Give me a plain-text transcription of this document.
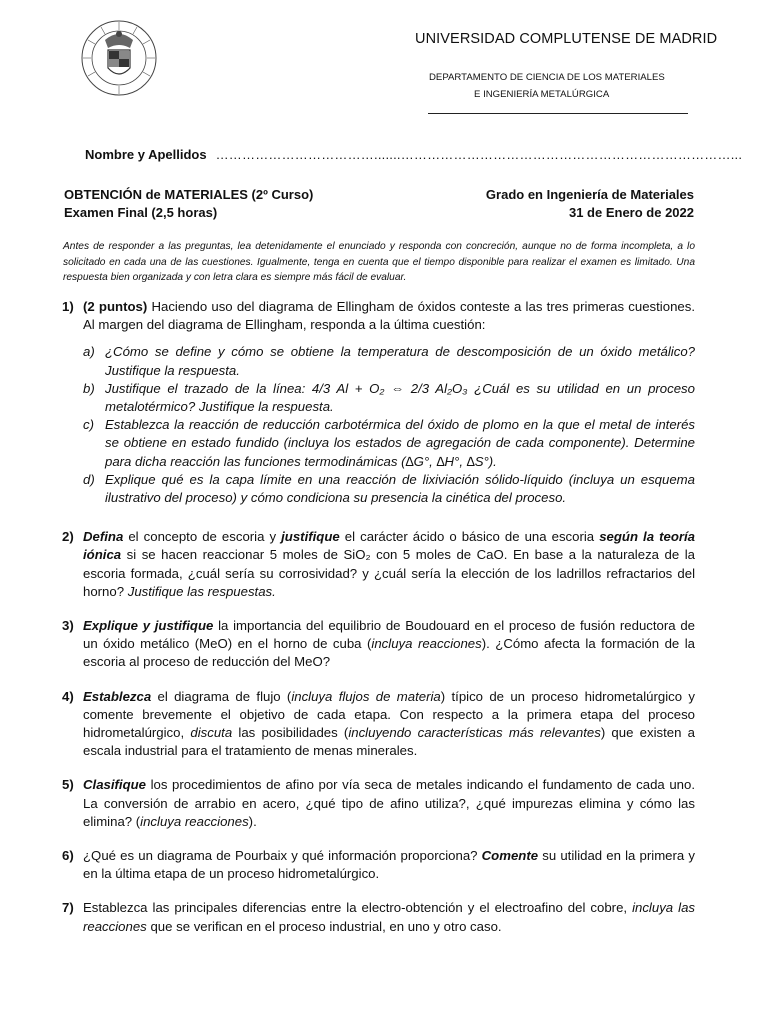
UNIVERSIDAD COMPLUTENSE DE MADRID
DEPARTAMENTO DE CIENCIA DE LOS MATERIALES
E INGENIERÍA METALÚRGICA
Nombre y Apellidos ……………………………….......…………………………………………………………………...
OBTENCIÓN de MATERIALES (2º Curso)
Examen Final (2,5 horas)
Grado en Ingeniería de Materiales
31 de Enero de 2022
Antes de responder a las preguntas, lea detenidamente el enunciado y responda con concreción, aunque no de forma incompleta, a lo solicitado en cada una de las cuestiones. Igualmente, tenga en cuenta que el tiempo disponible para realizar el examen es limitado. Una respuesta bien organizada y con letra clara es siempre más fácil de evaluar.
1) (2 puntos) Haciendo uso del diagrama de Ellingham de óxidos conteste a las tres primeras cuestiones. Al margen del diagrama de Ellingham, responda a la última cuestión:
a) ¿Cómo se define y cómo se obtiene la temperatura de descomposición de un óxido metálico? Justifique la respuesta.
b) Justifique el trazado de la línea: 4/3 Al + O₂ ⇔ 2/3 Al₂O₃ ¿Cuál es su utilidad en un proceso metalotérmico? Justifique la respuesta.
c) Establezca la reacción de reducción carbotérmica del óxido de plomo en la que el metal de interés se obtiene en estado fundido (incluya los estados de agregación de cada componente). Determine para dicha reacción las funciones termodinámicas (∆G°, ∆H°, ∆S°).
d) Explique qué es la capa límite en una reacción de lixiviación sólido-líquido (incluya un esquema ilustrativo del proceso) y cómo condiciona su presencia la cinética del proceso.
2) Defina el concepto de escoria y justifique el carácter ácido o básico de una escoria según la teoría iónica si se hacen reaccionar 5 moles de SiO₂ con 5 moles de CaO. En base a la naturaleza de la escoria formada, ¿cuál sería su corrosividad? y ¿cuál sería la elección de los ladrillos refractarios del horno? Justifique las respuestas.
3) Explique y justifique la importancia del equilibrio de Boudouard en el proceso de fusión reductora de un óxido metálico (MeO) en el horno de cuba (incluya reacciones). ¿Cómo afecta la formación de la escoria al proceso de reducción del MeO?
4) Establezca el diagrama de flujo (incluya flujos de materia) típico de un proceso hidrometalúrgico y comente brevemente el objetivo de cada etapa. Con respecto a la primera etapa del proceso hidrometalúrgico, discuta las posibilidades (incluyendo características más relevantes) que existen a escala industrial para el tratamiento de menas minerales.
5) Clasifique los procedimientos de afino por vía seca de metales indicando el fundamento de cada uno. La conversión de arrabio en acero, ¿qué tipo de afino utiliza?, ¿qué impurezas elimina y cómo las elimina? (incluya reacciones).
6) ¿Qué es un diagrama de Pourbaix y qué información proporciona? Comente su utilidad en la primera y en la última etapa de un proceso hidrometalúrgico.
7) Establezca las principales diferencias entre la electro-obtención y el electroafino del cobre, incluya las reacciones que se verifican en el proceso industrial, en uno y otro caso.
